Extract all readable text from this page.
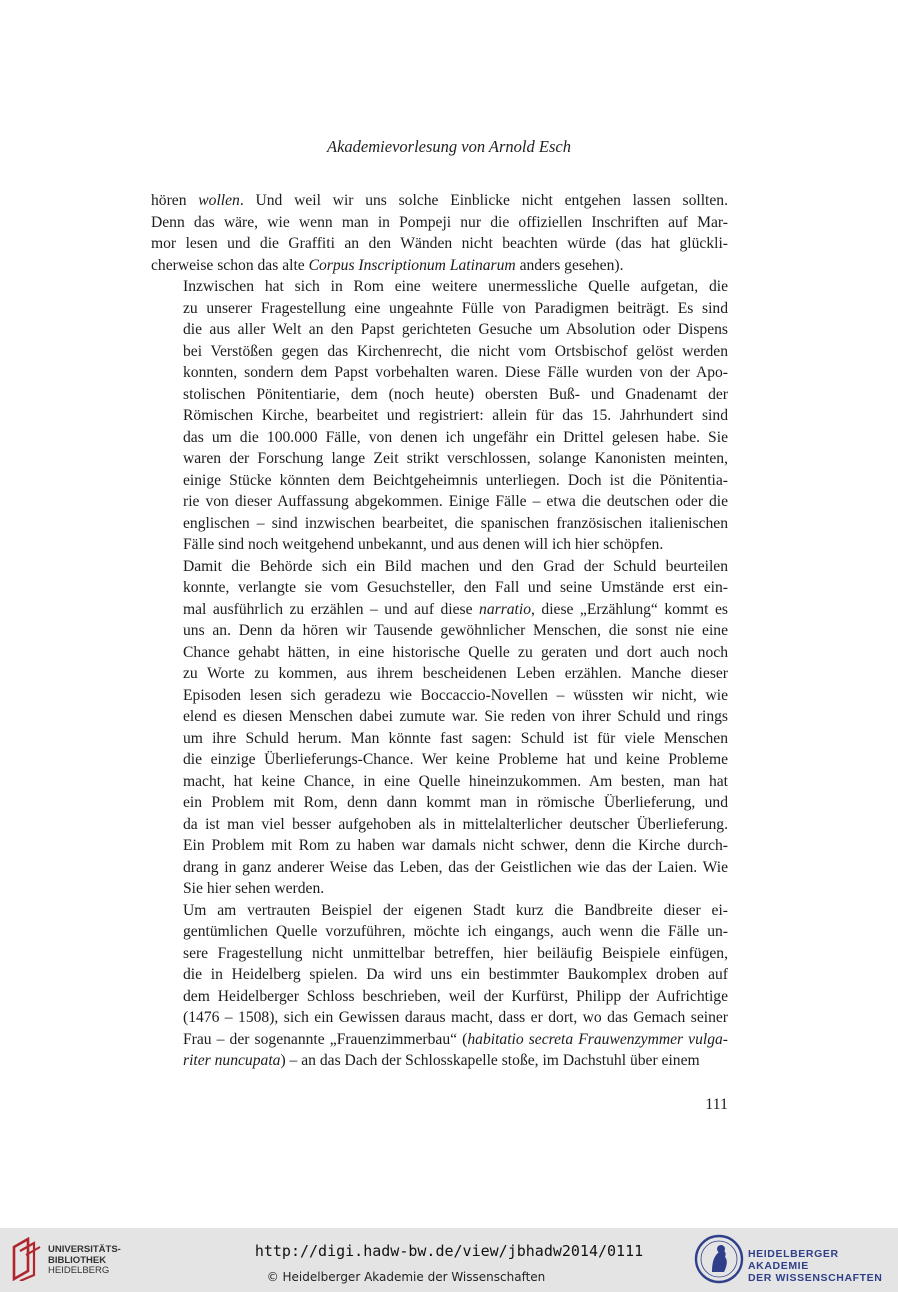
Akademievorlesung von Arnold Esch

hören wollen. Und weil wir uns solche Einblicke nicht entgehen lassen sollten.
Denn das wäre, wie wenn man in Pompeji nur die offiziellen Inschriften auf Mar-
mor lesen und die Graffiti an den Wänden nicht beachten würde (das hat glückli-
cherweise schon das alte Corpus Inscriptionum Latinarum anders gesehen).

Inzwischen hat sich in Rom eine weitere unermessliche Quelle aufgetan, die
zu unserer Fragestellung eine ungeahnte Fülle von Paradigmen beiträgt. Es sind
die aus aller Welt an den Papst gerichteten Gesuche um Absolution oder Dispens
bei Verstößen gegen das Kirchenrecht, die nicht vom Ortsbischof gelöst werden
konnten, sondern dem Papst vorbehalten waren. Diese Fälle wurden von der Apo-
stolischen Pönitentiarie, dem (noch heute) obersten Buß- und Gnadenamt der
Römischen Kirche, bearbeitet und registriert: allein für das 15. Jahrhundert sind
das um die 100.000 Fälle, von denen ich ungefähr ein Drittel gelesen habe. Sie
waren der Forschung lange Zeit strikt verschlossen, solange Kanonisten meinten,
einige Stücke könnten dem Beichtgeheimnis unterliegen. Doch ist die Pönitentia-
rie von dieser Auffassung abgekommen. Einige Fälle – etwa die deutschen oder die
englischen – sind inzwischen bearbeitet, die spanischen französischen italienischen
Fälle sind noch weitgehend unbekannt, und aus denen will ich hier schöpfen.

Damit die Behörde sich ein Bild machen und den Grad der Schuld beurteilen
konnte, verlangte sie vom Gesuchsteller, den Fall und seine Umstände erst ein-
mal ausführlich zu erzählen – und auf diese narratio, diese „Erzählung“ kommt es
uns an. Denn da hören wir Tausende gewöhnlicher Menschen, die sonst nie eine
Chance gehabt hätten, in eine historische Quelle zu geraten und dort auch noch
zu Worte zu kommen, aus ihrem bescheidenen Leben erzählen. Manche dieser
Episoden lesen sich geradezu wie Boccaccio-Novellen – wüssten wir nicht, wie
elend es diesen Menschen dabei zumute war. Sie reden von ihrer Schuld und rings
um ihre Schuld herum. Man könnte fast sagen: Schuld ist für viele Menschen
die einzige Überlieferungs-Chance. Wer keine Probleme hat und keine Probleme
macht, hat keine Chance, in eine Quelle hineinzukommen. Am besten, man hat
ein Problem mit Rom, denn dann kommt man in römische Überlieferung, und
da ist man viel besser aufgehoben als in mittelalterlicher deutscher Überlieferung.
Ein Problem mit Rom zu haben war damals nicht schwer, denn die Kirche durch-
drang in ganz anderer Weise das Leben, das der Geistlichen wie das der Laien. Wie
Sie hier sehen werden.

Um am vertrauten Beispiel der eigenen Stadt kurz die Bandbreite dieser ei-
gentümlichen Quelle vorzuführen, möchte ich eingangs, auch wenn die Fälle un-
sere Fragestellung nicht unmittelbar betreffen, hier beiläufig Beispiele einfügen,
die in Heidelberg spielen. Da wird uns ein bestimmter Baukomplex droben auf
dem Heidelberger Schloss beschrieben, weil der Kurfürst, Philipp der Aufrichtige
(1476 – 1508), sich ein Gewissen daraus macht, dass er dort, wo das Gemach seiner
Frau – der sogenannte „Frauenzimmerbau“ (habitatio secreta Frauwenzymmer vulga-
riter nuncupata) – an das Dach der Schlosskapelle stoße, im Dachstuhl über einem

111
UNIVERSITÄTS-
BIBLIOTHEK
HEIDELBERG
http://digi.hadw-bw.de/view/jbhadw2014/0111
© Heidelberger Akademie der Wissenschaften
HEIDELBERGER AKADEMIE
DER WISSENSCHAFTEN
